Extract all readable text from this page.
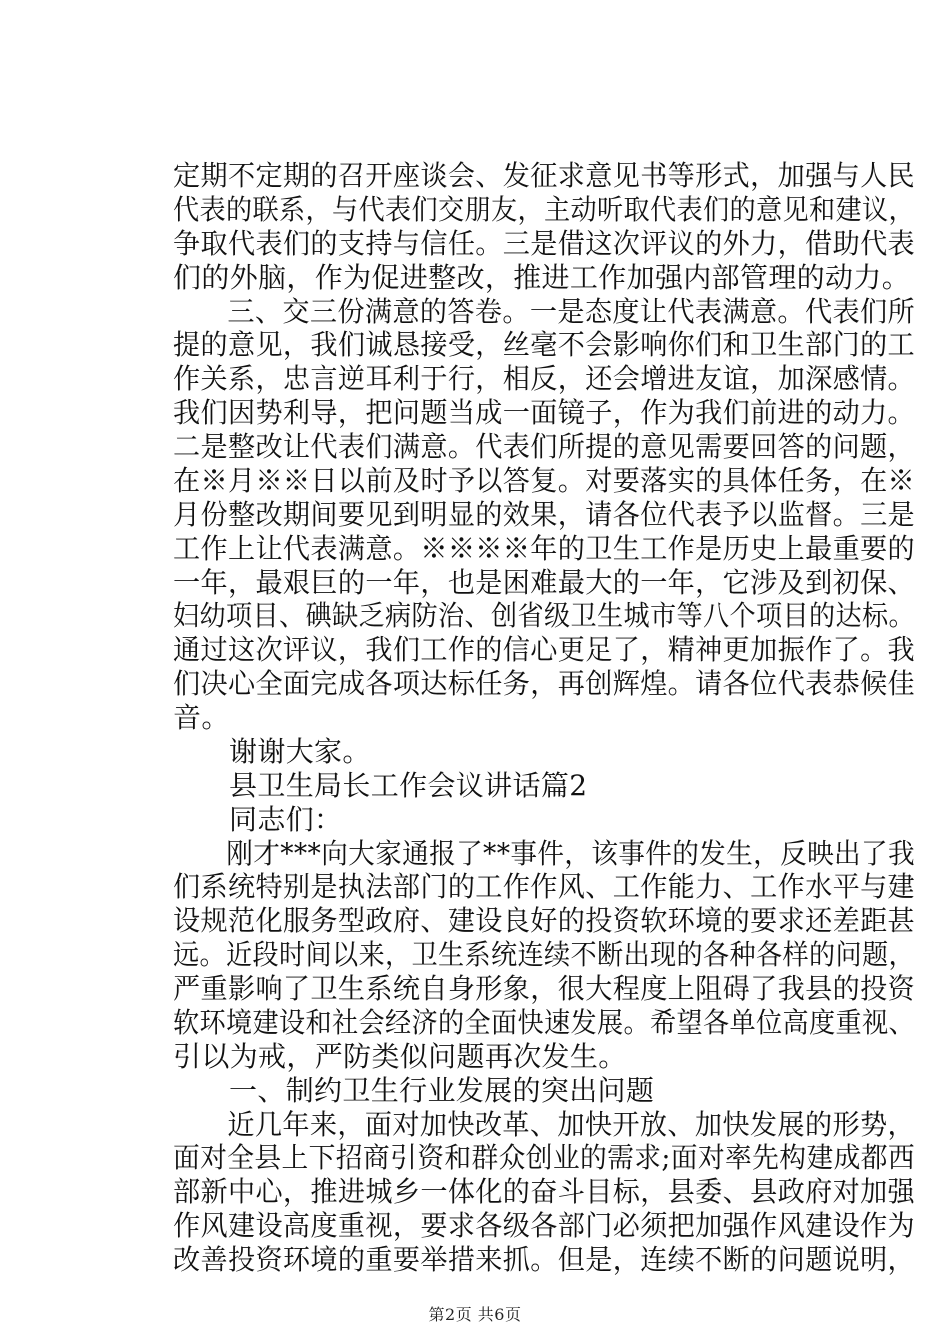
定期不定期的召开座谈会、发征求意见书等形式，加强与人民
代表的联系，与代表们交朋友，主动听取代表们的意见和建议，
争取代表们的支持与信任。三是借这次评议的外力，借助代表
们的外脑，作为促进整改，推进工作加强内部管理的动力。
三、交三份满意的答卷。一是态度让代表满意。代表们所
提的意见，我们诚恳接受，丝毫不会影响你们和卫生部门的工
作关系，忠言逆耳利于行，相反，还会增进友谊，加深感情。
我们因势利导，把问题当成一面镜子，作为我们前进的动力。
二是整改让代表们满意。代表们所提的意见需要回答的问题，
在※月※※日以前及时予以答复。对要落实的具体任务，在※
月份整改期间要见到明显的效果，请各位代表予以监督。三是
工作上让代表满意。※※※※年的卫生工作是历史上最重要的
一年，最艰巨的一年，也是困难最大的一年，它涉及到初保、
妇幼项目、碘缺乏病防治、创省级卫生城市等八个项目的达标。
通过这次评议，我们工作的信心更足了，精神更加振作了。我
们决心全面完成各项达标任务，再创辉煌。请各位代表恭候佳
音。
谢谢大家。
县卫生局长工作会议讲话篇2
同志们：
刚才***向大家通报了**事件，该事件的发生，反映出了我
们系统特别是执法部门的工作作风、工作能力、工作水平与建
设规范化服务型政府、建设良好的投资软环境的要求还差距甚
远。近段时间以来，卫生系统连续不断出现的各种各样的问题，
严重影响了卫生系统自身形象，很大程度上阻碍了我县的投资
软环境建设和社会经济的全面快速发展。希望各单位高度重视、
引以为戒，严防类似问题再次发生。
一、制约卫生行业发展的突出问题
近几年来，面对加快改革、加快开放、加快发展的形势，
面对全县上下招商引资和群众创业的需求;面对率先构建成都西
部新中心，推进城乡一体化的奋斗目标，县委、县政府对加强
作风建设高度重视，要求各级各部门必须把加强作风建设作为
改善投资环境的重要举措来抓。但是，连续不断的问题说明，
第2页 共6页
